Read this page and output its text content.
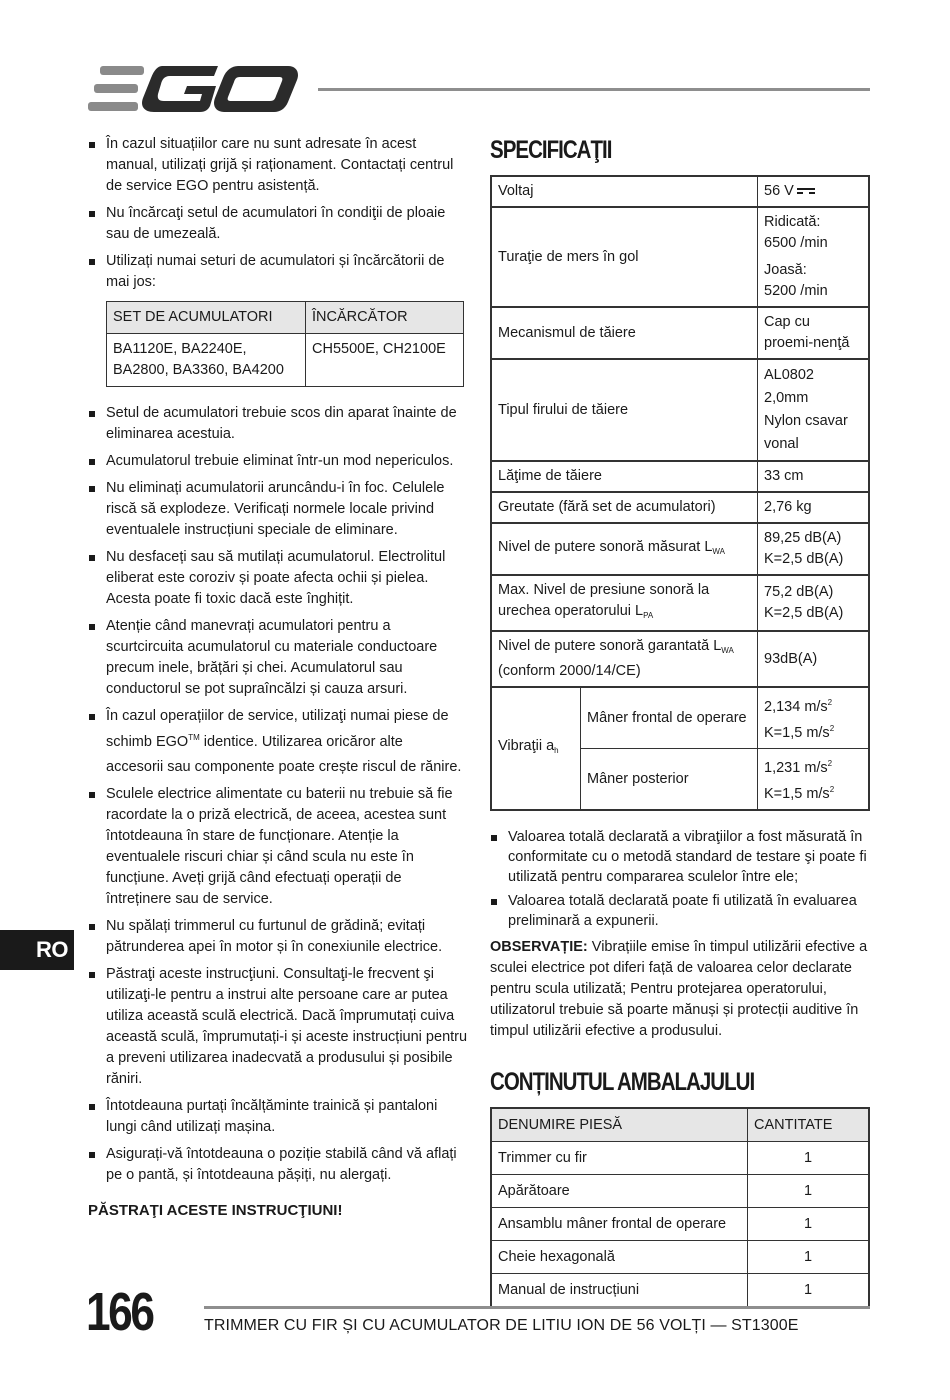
EGO
RO

În cazul situațiilor care nu sunt adresate în acest manual, utilizați grijă și raționament. Contactați centrul de service EGO pentru asistență.

Nu încărcaţi setul de acumulatori în condiţii de ploaie sau de umezeală.

Utilizați numai seturi de acumulatori și încărcătorii de mai jos:

SET DE ACUMULATORI	ÎNCĂRCĂTOR
BA1120E, BA2240E, BA2800, BA3360, BA4200	CH5500E, CH2100E

Setul de acumulatori trebuie scos din aparat înainte de eliminarea acestuia.

Acumulatorul trebuie eliminat într-un mod nepericulos.

Nu eliminați acumulatorii aruncându-i în foc. Celulele riscă să explodeze. Verificați normele locale privind eventualele instrucțiuni speciale de eliminare.

Nu desfaceți sau să mutilați acumulatorul. Electrolitul eliberat este coroziv și poate afecta ochii și pielea. Acesta poate fi toxic dacă este înghițit.

Atenție când manevrați acumulatori pentru a scurtcircuita acumulatorul cu materiale conductoare precum inele, brățări și chei. Acumulatorul sau conductorul se pot supraîncălzi și cauza arsuri.

În cazul operațiilor de service, utilizaţi numai piese de schimb EGO™ identice. Utilizarea oricăror alte

accesorii sau componente poate crește riscul de rănire.

Sculele electrice alimentate cu baterii nu trebuie să fie racordate la o priză electrică, de aceea, acestea sunt întotdeauna în stare de funcționare. Atenție la eventualele riscuri chiar și când scula nu este în funcțiune. Aveți grijă când efectuați operații de întreținere sau de service.

Nu spălați trimmerul cu furtunul de grădină; evitați pătrunderea apei în motor și în conexiunile electrice.

Păstraţi aceste instrucţiuni. Consultaţi-le frecvent şi utilizaţi-le pentru a instrui alte persoane care ar putea utiliza această sculă electrică. Dacă împrumutați cuiva această sculă, împrumutați-i și aceste instrucțiuni pentru a preveni utilizarea inadecvată a produsului și posibile răniri.

Întotdeauna purtați încălțăminte trainică și pantaloni lungi când utilizați mașina.

Asigurați-vă întotdeauna o poziție stabilă când vă aflați pe o pantă, și întotdeauna pășiți, nu alergați.

PĂSTRAŢI ACESTE INSTRUCŢIUNI!

SPECIFICAŢII
Voltaj		56 V
Turaţie de mers în gol		Ridicată:
6500 /min
Joasă:
5200 /min

Mecanismul de tăiere		Cap cu proemi-nenţă
Tipul firului de tăiere		AL0802 2,0mm
Nylon csavar
vonal

Lăţime de tăiere		33 cm
Greutate (fără set de acumulatori)		2,76 kg
Nivel de putere sonoră măsurat $L_{WA}$		89,25 dB(A)
K=2,5 dB(A)

Max. Nivel de presiune sonoră la urechea operatorului $L_{PA}$		75,2 dB(A)
K=2,5 dB(A)

Nivel de putere sonoră garantată $L_{WA}$
(conform 2000/14/CE)		93dB(A)
Vibraţii $a_h$	Mâner frontal de operare	2,134 $m/s^2$
K=1,5 $m/s^2$

	Mâner posterior	1,231 $m/s^2$
K=1,5 $m/s^2$

Valoarea totală declarată a vibraţiilor a fost măsurată în conformitate cu o metodă standard de testare şi poate fi utilizată pentru compararea sculelor între ele;

Valoarea totală declarată poate fi utilizată în evaluarea preliminară a expunerii.

OBSERVAȚIE: Vibrațiile emise în timpul utilizării efective a sculei electrice pot diferi față de valoarea celor declarate pentru scula utilizată; Pentru protejarea operatorului, utilizatorul trebuie să poarte mănuși și protecții auditive în timpul utilizării efective a produsului.

CONȚINUTUL AMBALAJULUI
DENUMIRE PIESĂ	CANTITATE
Trimmer cu fir	1
Apărătoare	1
Ansamblu mâner frontal de operare	1
Cheie hexagonală	1
Manual de instrucțiuni	1
166	TRIMMER CU FIR ȘI CU ACUMULATOR DE LITIU ION DE 56 VOLȚI — ST1300E
